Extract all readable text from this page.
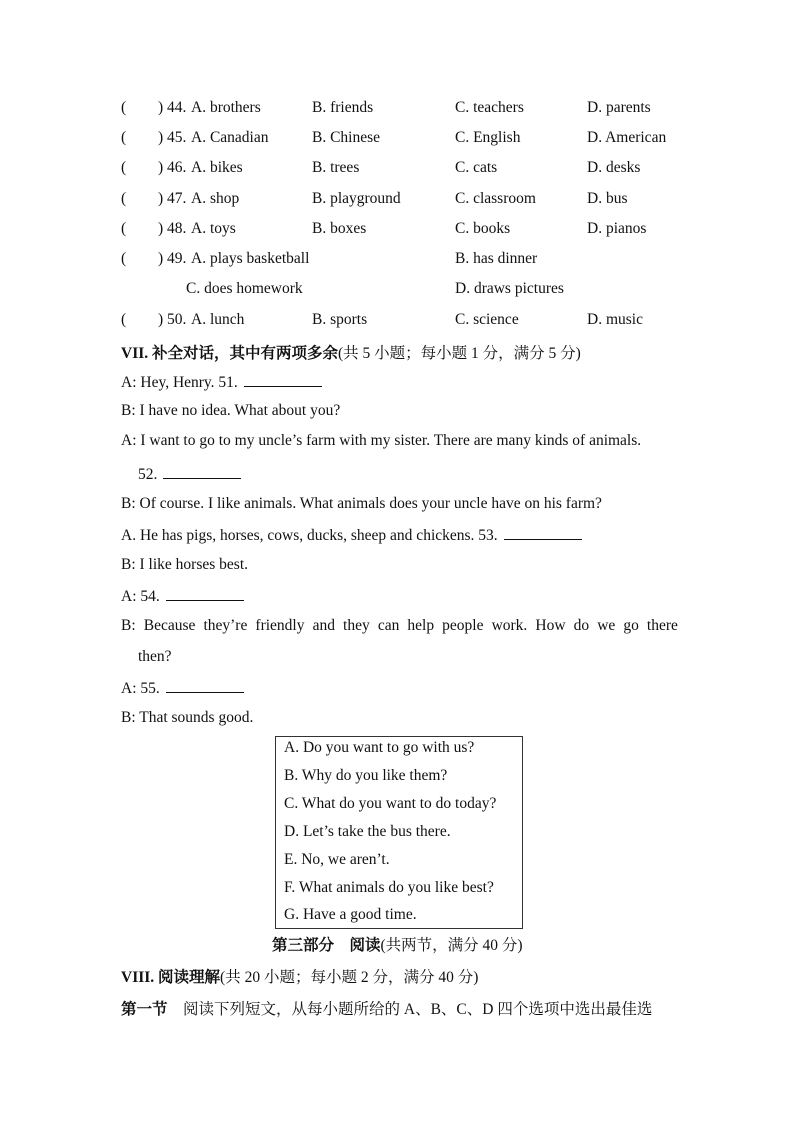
( ) 44. A. brothers	B. friends	C. teachers	D. parents
( ) 45. A. Canadian	B. Chinese	C. English	D. American
( ) 46. A. bikes	B. trees	C. cats	D. desks
( ) 47. A. shop	B. playground	C. classroom	D. bus
( ) 48. A. toys	B. boxes	C. books	D. pianos
( ) 49. A. plays basketball	B. has dinner
C. does homework	D. draws pictures
( ) 50. A. lunch	B. sports	C. science	D. music
VII. 补全对话，其中有两项多余(共 5 小题；每小题 1 分，满分 5 分)
A: Hey, Henry. 51.
B: I have no idea. What about you?
A: I want to go to my uncle’s farm with my sister. There are many kinds of animals.
52.
B: Of course. I like animals. What animals does your uncle have on his farm?
A. He has pigs, horses, cows, ducks, sheep and chickens. 53.
B: I like horses best.
A: 54.
B: Because they’re friendly and they can help people work. How do we go there
then?
A: 55.
B: That sounds good.
A. Do you want to go with us?
B. Why do you like them?
C. What do you want to do today?
D. Let’s take the bus there.
E. No, we aren’t.
F. What animals do you like best?
G. Have a good time.
第三部分　阅读(共两节，满分 40 分)
VIII. 阅读理解(共 20 小题；每小题 2 分，满分 40 分)
第一节　阅读下列短文，从每小题所给的 A、B、C、D 四个选项中选出最佳选
